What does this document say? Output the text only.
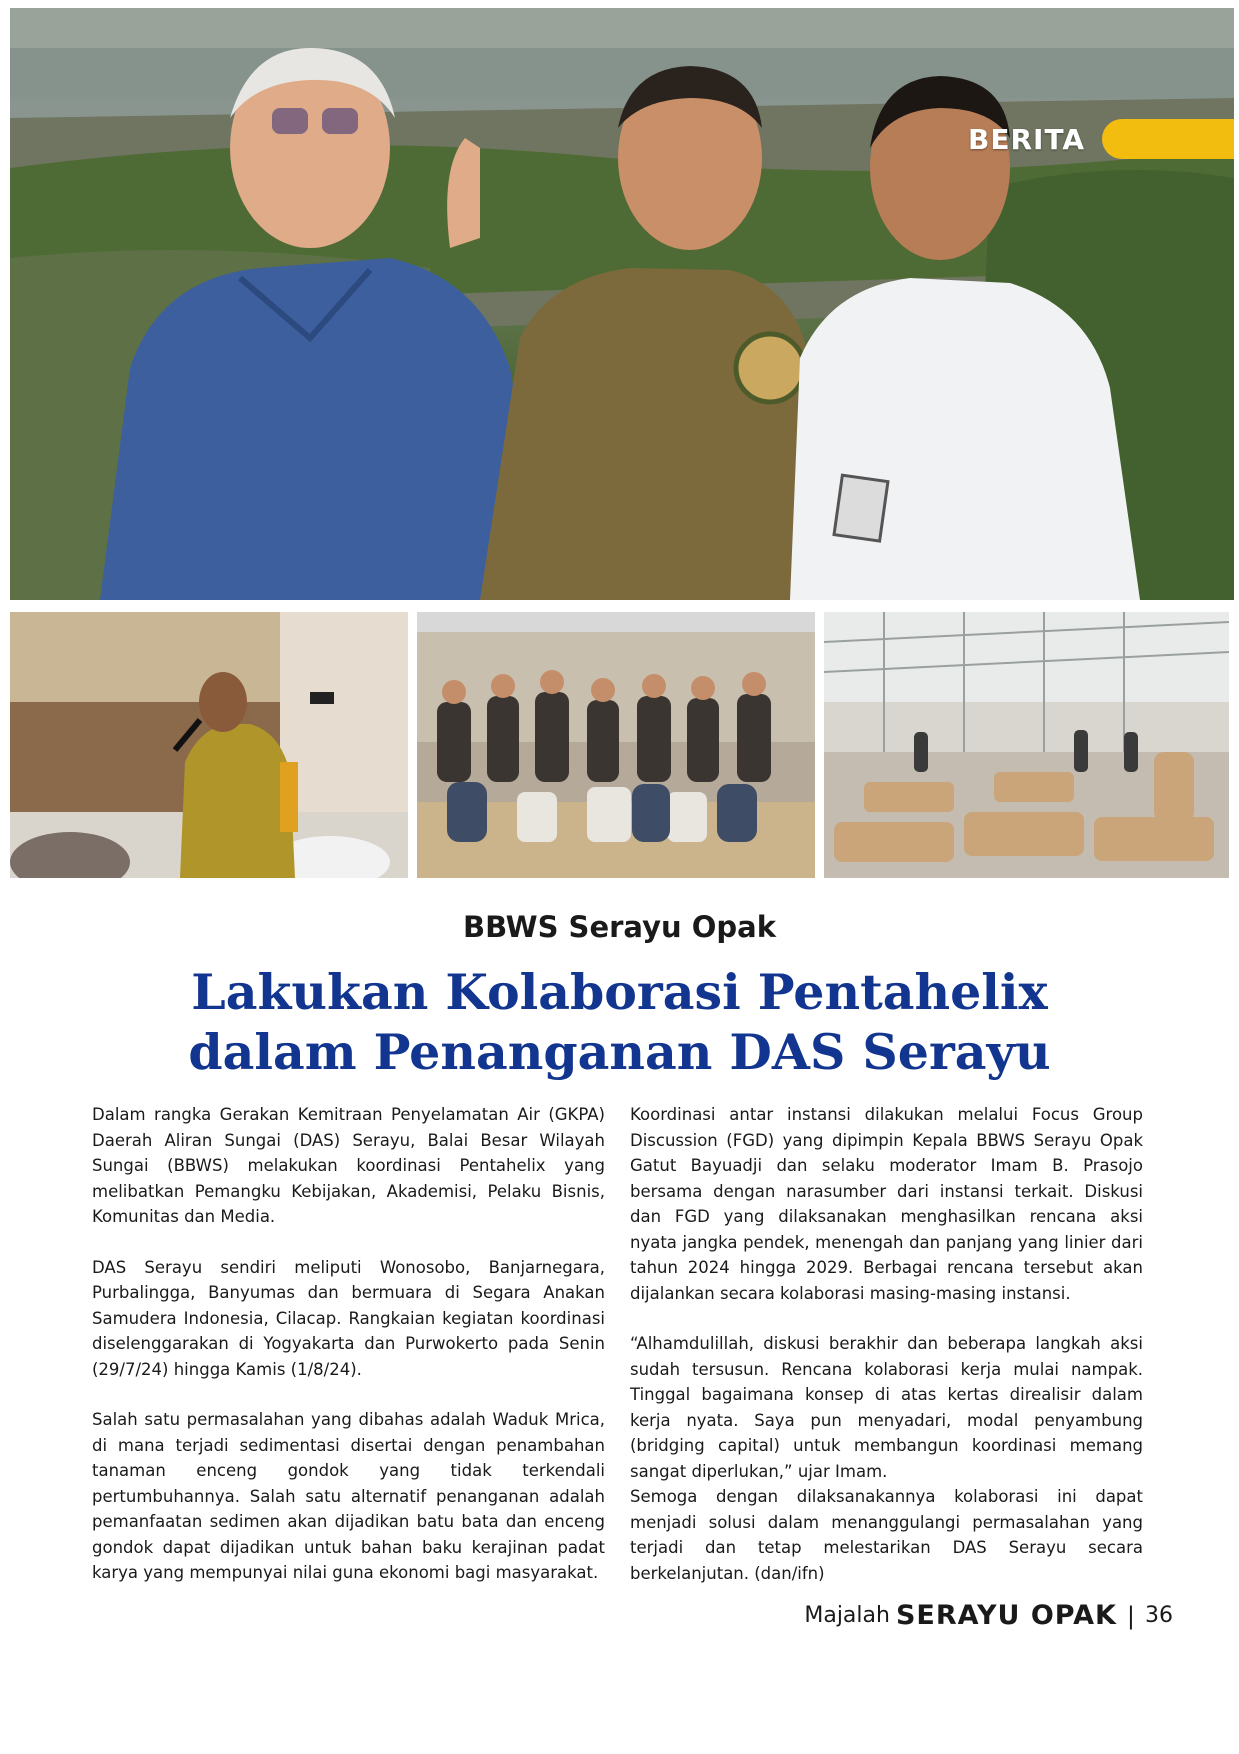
BERITA
BBWS Serayu Opak
Lakukan Kolaborasi Pentahelix
dalam Penanganan DAS Serayu

Dalam rangka Gerakan Kemitraan Penyelamatan Air (GKPA) Daerah Aliran Sungai (DAS) Serayu, Balai Besar Wilayah Sungai (BBWS) melakukan koordinasi Pentahelix yang melibatkan Pemangku Kebijakan, Akademisi, Pelaku Bisnis, Komunitas dan Media.

DAS Serayu sendiri meliputi Wonosobo, Banjarnegara, Purbalingga, Banyumas dan bermuara di Segara Anakan Samudera Indonesia, Cilacap. Rangkaian kegiatan koordinasi diselenggarakan di Yogyakarta dan Purwokerto pada Senin (29/7/24) hingga Kamis (1/8/24).

Salah satu permasalahan yang dibahas adalah Waduk Mrica, di mana terjadi sedimentasi disertai dengan penambahan tanaman enceng gondok yang tidak terkendali pertumbuhannya. Salah satu alternatif penanganan adalah pemanfaatan sedimen akan dijadikan batu bata dan enceng gondok dapat dijadikan untuk bahan baku kerajinan padat karya yang mempunyai nilai guna ekonomi bagi masyarakat.

Koordinasi antar instansi dilakukan melalui Focus Group Discussion (FGD) yang dipimpin Kepala BBWS Serayu Opak Gatut Bayuadji dan selaku moderator Imam B. Prasojo bersama dengan narasumber dari instansi terkait. Diskusi dan FGD yang dilaksanakan menghasilkan rencana aksi nyata jangka pendek, menengah dan panjang yang linier dari tahun 2024 hingga 2029. Berbagai rencana tersebut akan dijalankan secara kolaborasi masing-masing instansi.

“Alhamdulillah, diskusi berakhir dan beberapa langkah aksi sudah tersusun. Rencana kolaborasi kerja mulai nampak. Tinggal bagaimana konsep di atas kertas direalisir dalam kerja nyata. Saya pun menyadari, modal penyambung (bridging capital) untuk membangun koordinasi memang sangat diperlukan,” ujar Imam.

Semoga dengan dilaksanakannya kolaborasi ini dapat menjadi solusi dalam menanggulangi permasalahan yang terjadi dan tetap melestarikan DAS Serayu secara berkelanjutan. (dan/ifn)

Majalah SERAYU OPAK | 36
